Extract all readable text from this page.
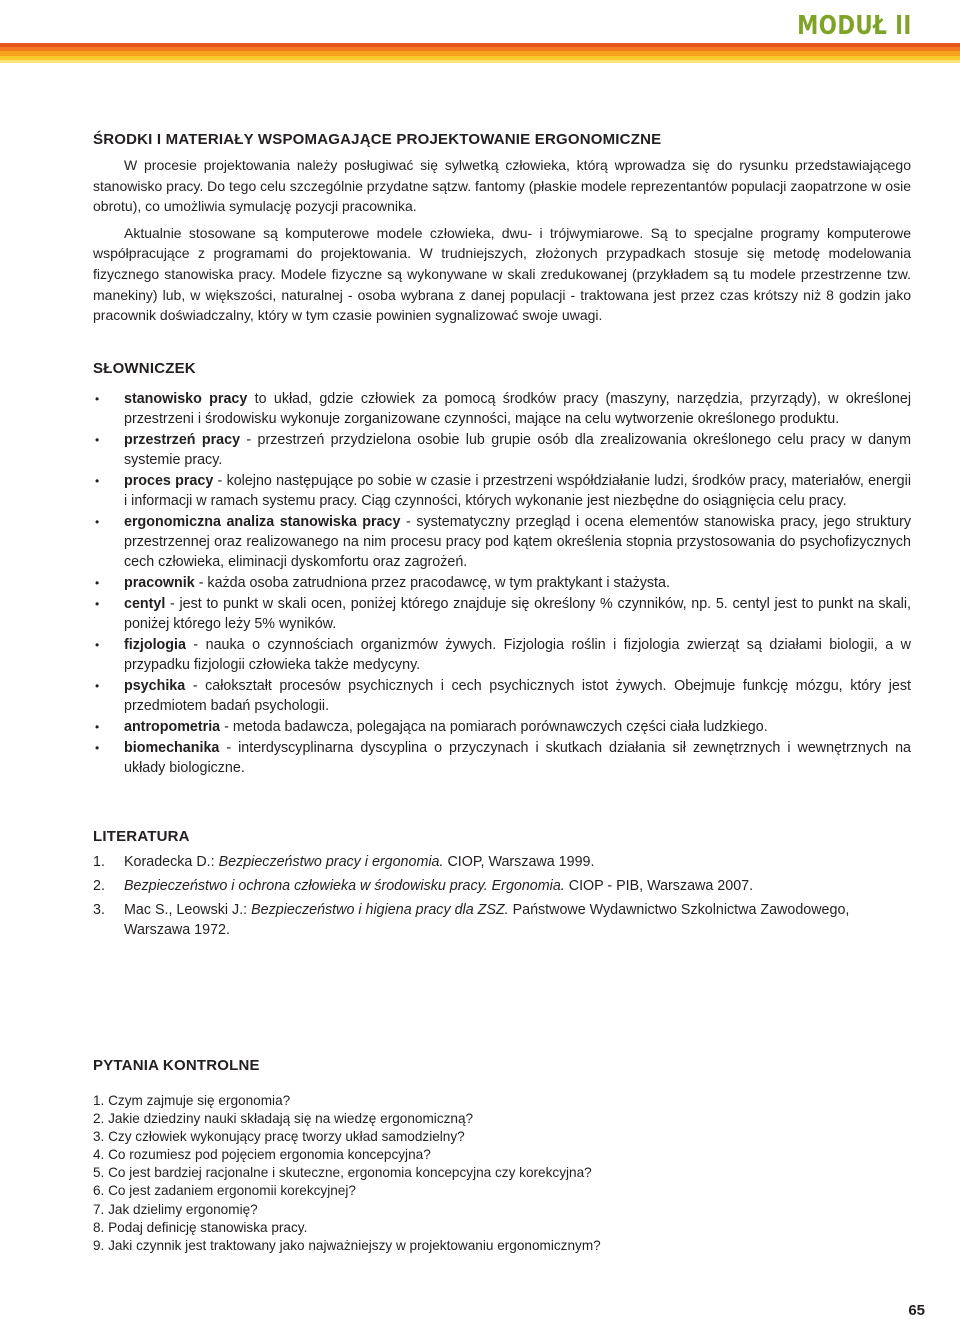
MODUŁ II
ŚRODKI I MATERIAŁY WSPOMAGAJĄCE PROJEKTOWANIE ERGONOMICZNE

W procesie projektowania należy posługiwać się sylwetką człowieka, którą wprowadza się do rysunku przedstawiającego stanowisko pracy. Do tego celu szczególnie przydatne sątzw. fantomy (płaskie modele reprezentantów populacji zaopatrzone w osie obrotu), co umożliwia symulację pozycji pracownika.

Aktualnie stosowane są komputerowe modele człowieka, dwu- i trójwymiarowe. Są to specjalne programy komputerowe współpracujące z programami do projektowania. W trudniejszych, złożonych przypadkach stosuje się metodę modelowania fizycznego stanowiska pracy. Modele fizyczne są wykonywane w skali zredukowanej (przykładem są tu modele przestrzenne tzw. manekiny) lub, w większości, naturalnej - osoba wybrana z danej populacji - traktowana jest przez czas krótszy niż 8 godzin jako pracownik doświadczalny, który w tym czasie powinien sygnalizować swoje uwagi.

SŁOWNICZEK
• stanowisko pracy to układ, gdzie człowiek za pomocą środków pracy (maszyny, narzędzia, przyrządy), w określonej przestrzeni i środowisku wykonuje zorganizowane czynności, mające na celu wytworzenie określonego produktu.
• przestrzeń pracy - przestrzeń przydzielona osobie lub grupie osób dla zrealizowania określonego celu pracy w danym systemie pracy.
• proces pracy - kolejno następujące po sobie w czasie i przestrzeni współdziałanie ludzi, środków pracy, materiałów, energii i informacji w ramach systemu pracy. Ciąg czynności, których wykonanie jest niezbędne do osiągnięcia celu pracy.
• ergonomiczna analiza stanowiska pracy - systematyczny przegląd i ocena elementów stanowiska pracy, jego struktury przestrzennej oraz realizowanego na nim procesu pracy pod kątem określenia stopnia przystosowania do psychofizycznych cech człowieka, eliminacji dyskomfortu oraz zagrożeń.
• pracownik - każda osoba zatrudniona przez pracodawcę, w tym praktykant i stażysta.
• centyl - jest to punkt w skali ocen, poniżej którego znajduje się określony % czynników, np. 5. centyl jest to punkt na skali, poniżej którego leży 5% wyników.
• fizjologia - nauka o czynnościach organizmów żywych. Fizjologia roślin i fizjologia zwierząt są działami biologii, a w przypadku fizjologii człowieka także medycyny.
• psychika - całokształt procesów psychicznych i cech psychicznych istot żywych. Obejmuje funkcję mózgu, który jest przedmiotem badań psychologii.
• antropometria - metoda badawcza, polegająca na pomiarach porównawczych części ciała ludzkiego.
• biomechanika - interdyscyplinarna dyscyplina o przyczynach i skutkach działania sił zewnętrznych i wewnętrznych na układy biologiczne.
LITERATURA
1. Koradecka D.: Bezpieczeństwo pracy i ergonomia. CIOP, Warszawa 1999.
2. Bezpieczeństwo i ochrona człowieka w środowisku pracy. Ergonomia. CIOP - PIB, Warszawa 2007.
3. Mac S., Leowski J.: Bezpieczeństwo i higiena pracy dla ZSZ. Państwowe Wydawnictwo Szkolnictwa Zawodowego, Warszawa 1972.
PYTANIA KONTROLNE
1. Czym zajmuje się ergonomia?
2. Jakie dziedziny nauki składają się na wiedzę ergonomiczną?
3. Czy człowiek wykonujący pracę tworzy układ samodzielny?
4. Co rozumiesz pod pojęciem ergonomia koncepcyjna?
5. Co jest bardziej racjonalne i skuteczne, ergonomia koncepcyjna czy korekcyjna?
6. Co jest zadaniem ergonomii korekcyjnej?
7. Jak dzielimy ergonomię?
8. Podaj definicję stanowiska pracy.
9. Jaki czynnik jest traktowany jako najważniejszy w projektowaniu ergonomicznym?
65
